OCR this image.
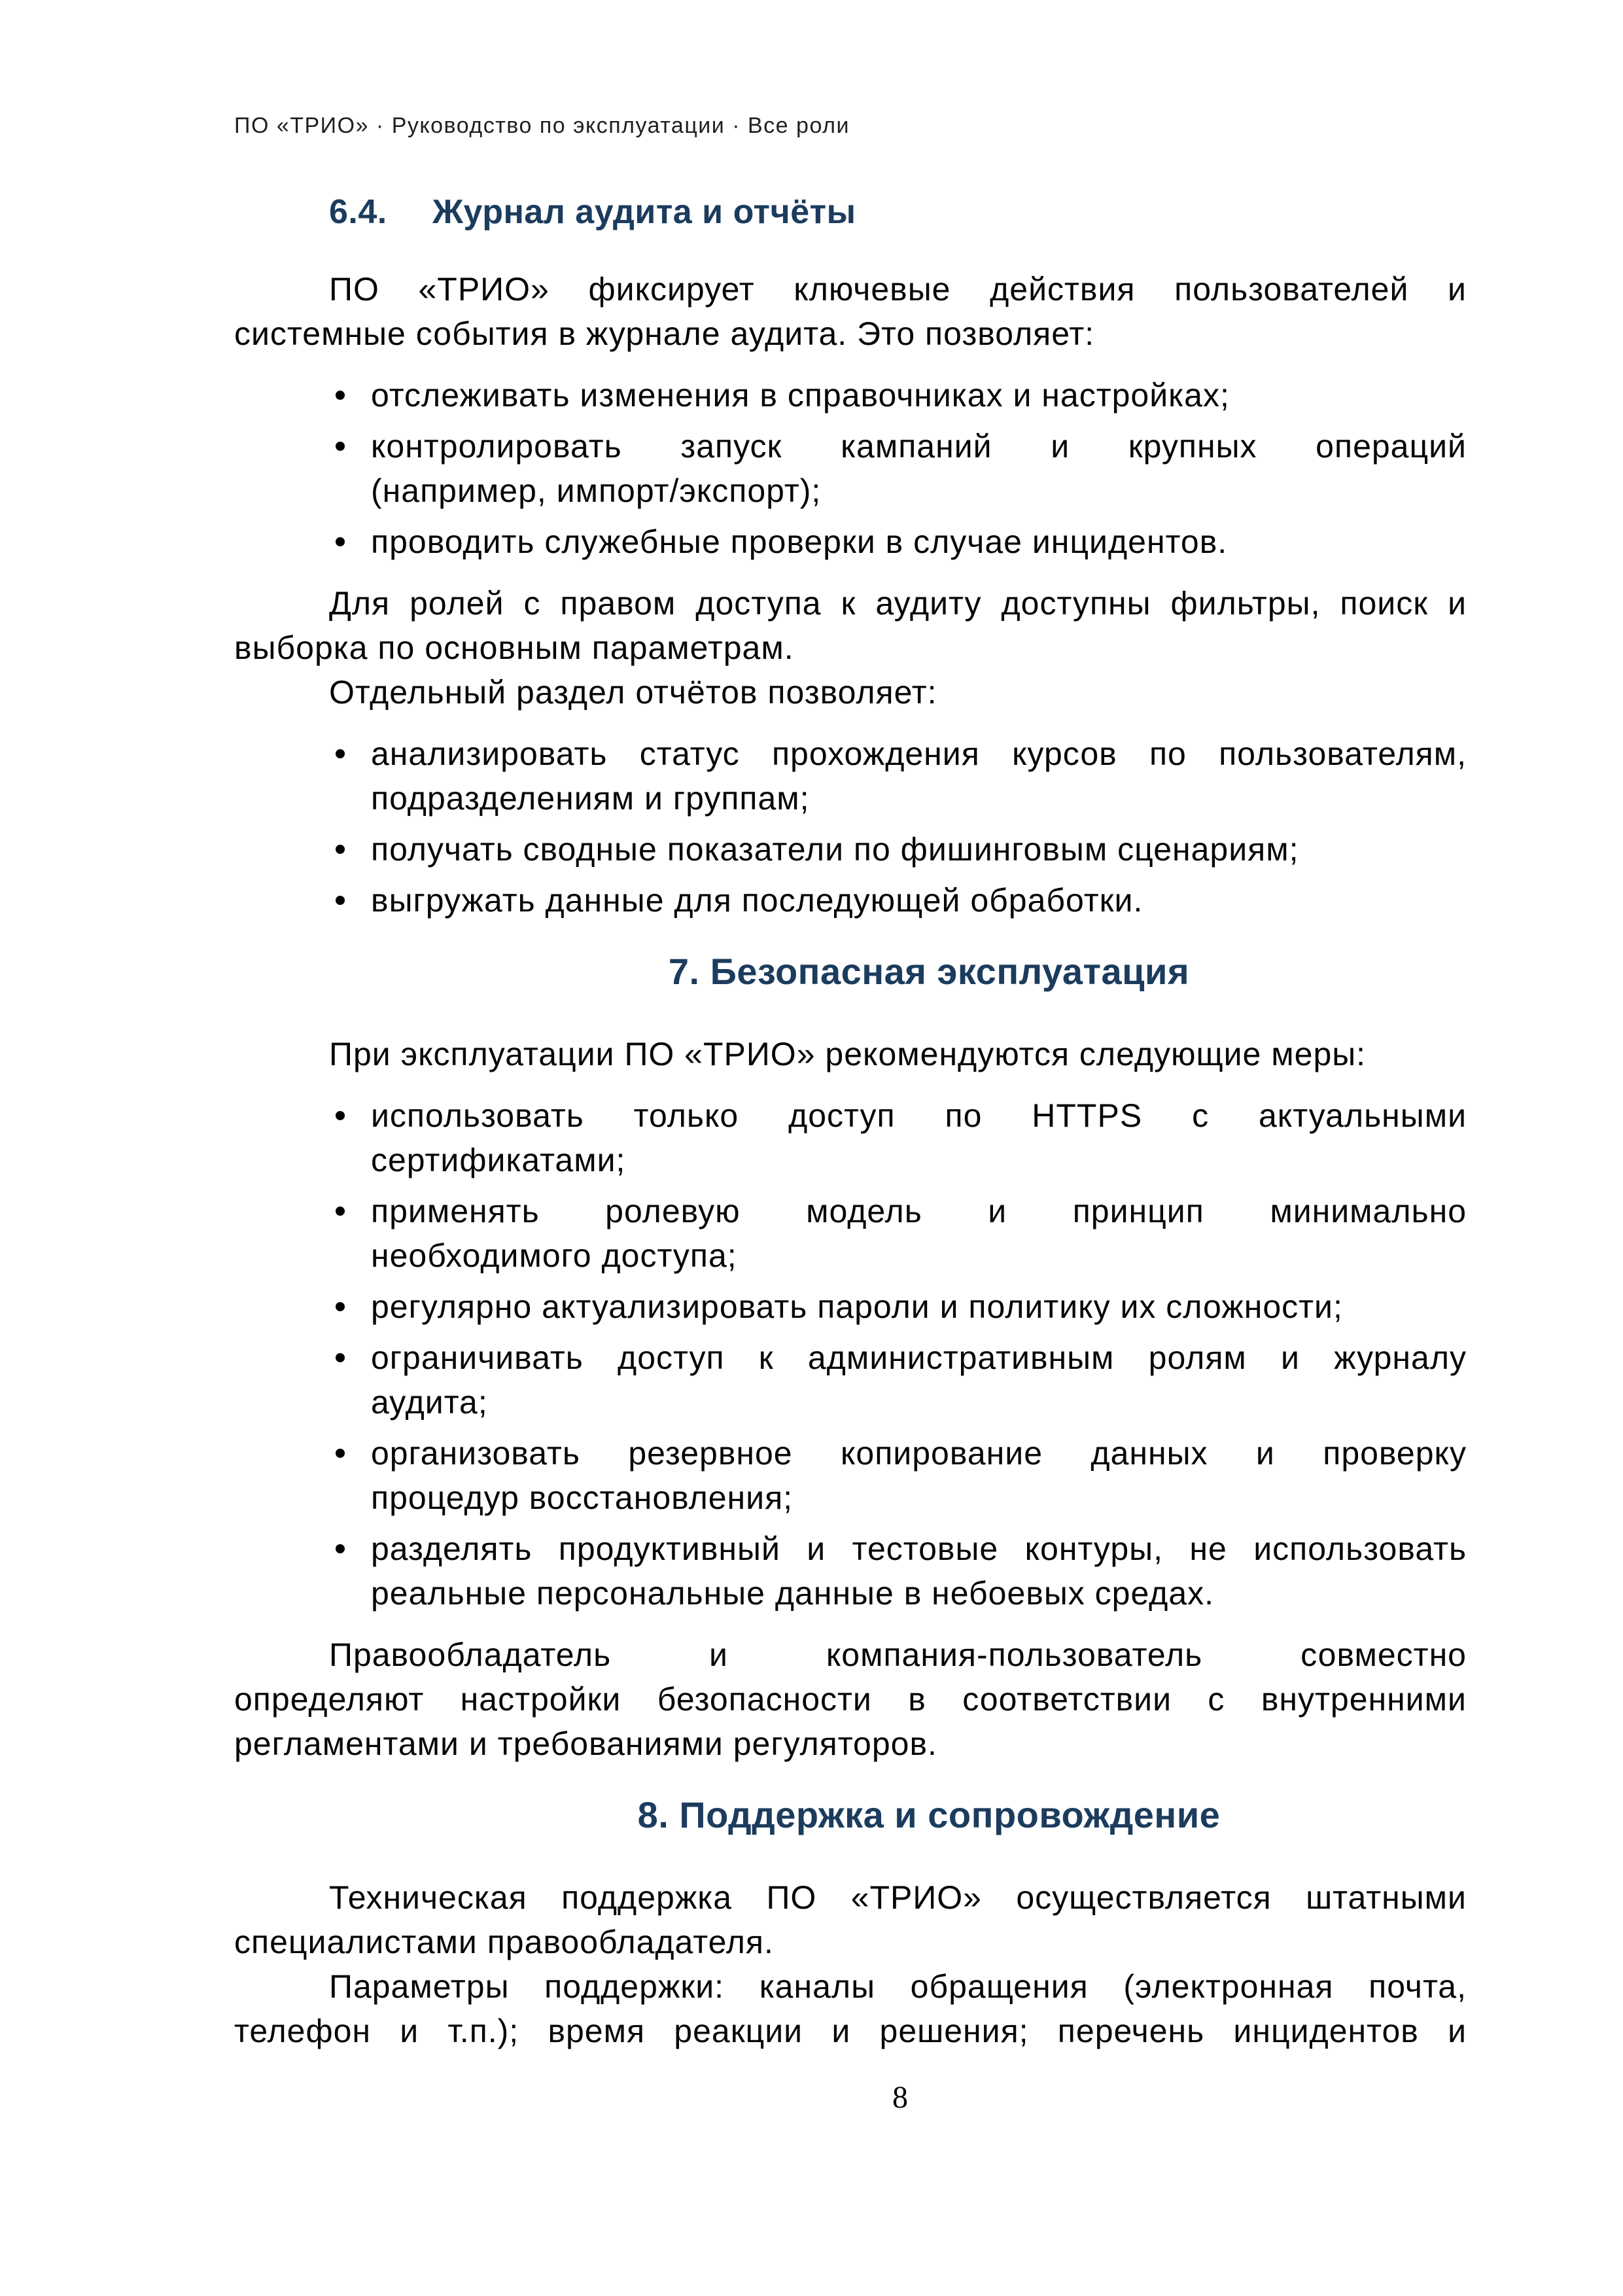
ПО «ТРИО» · Руководство по эксплуатации · Все роли
6.4. Журнал аудита и отчёты
ПО «ТРИО» фиксирует ключевые действия пользователей и
системные события в журнале аудита. Это позволяет:
отслеживать изменения в справочниках и настройках;
контролировать запуск кампаний и крупных операций
(например, импорт/экспорт);
проводить служебные проверки в случае инцидентов.
Для ролей с правом доступа к аудиту доступны фильтры, поиск и
выборка по основным параметрам.
Отдельный раздел отчётов позволяет:
анализировать статус прохождения курсов по пользователям,
подразделениям и группам;
получать сводные показатели по фишинговым сценариям;
выгружать данные для последующей обработки.
7. Безопасная эксплуатация
При эксплуатации ПО «ТРИО» рекомендуются следующие меры:
использовать только доступ по HTTPS с актуальными
сертификатами;
применять ролевую модель и принцип минимально
необходимого доступа;
регулярно актуализировать пароли и политику их сложности;
ограничивать доступ к административным ролям и журналу
аудита;
организовать резервное копирование данных и проверку
процедур восстановления;
разделять продуктивный и тестовые контуры, не использовать
реальные персональные данные в небоевых средах.
Правообладатель и компания-пользователь совместно
определяют настройки безопасности в соответствии с внутренними
регламентами и требованиями регуляторов.
8. Поддержка и сопровождение
Техническая поддержка ПО «ТРИО» осуществляется штатными
специалистами правообладателя.
Параметры поддержки: каналы обращения (электронная почта,
телефон и т.п.); время реакции и решения; перечень инцидентов и
8
